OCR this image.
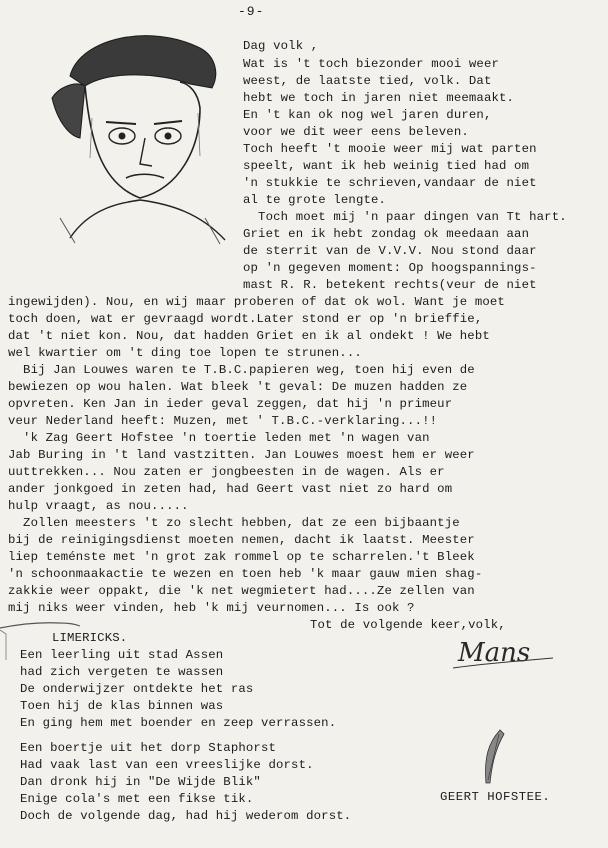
-9-
Dag volk ,
Wat is 't toch biezonder mooi weer
weest, de laatste tied, volk. Dat
hebt we toch in jaren niet meemaakt.
En 't kan ok nog wel jaren duren,
voor we dit weer eens beleven.
Toch heeft 't mooie weer mij wat parten
speelt, want ik heb weinig tied had om
'n stukkie te schrieven,vandaar de niet
al te grote lengte.
Toch moet mij 'n paar dingen van Tt hart.
Griet en ik hebt zondag ok meedaan aan
de sterrit van de V.V.V. Nou stond daar
op 'n gegeven moment: Op hoogspannings-
mast R. R. betekent rechts(veur de niet
ingewijden). Nou, en wij maar proberen of dat ok wol. Want je moet
toch doen, wat er gevraagd wordt.Later stond er op 'n brieffie,
dat 't niet kon. Nou, dat hadden Griet en ik al ondekt ! We hebt
wel kwartier om 't ding toe lopen te strunen...
Bij Jan Louwes waren te T.B.C.papieren weg, toen hij even de
bewiezen op wou halen. Wat bleek 't geval: De muzen hadden ze
opvreten. Ken Jan in ieder geval zeggen, dat hij 'n primeur
veur Nederland heeft: Muzen, met ' T.B.C.-verklaring...!!
'k Zag Geert Hofstee 'n toertie leden met 'n wagen van
Jab Buring in 't land vastzitten. Jan Louwes moest hem er weer
uuttrekken... Nou zaten er jongbeesten in de wagen. Als er
ander jonkgoed in zeten had, had Geert vast niet zo hard om
hulp vraagt, as nou.....
Zollen meesters 't zo slecht hebben, dat ze een bijbaantje
bij de reinigingsdienst moeten nemen, dacht ik laatst. Meester
liep teménste met 'n grot zak rommel op te scharrelen.'t Bleek
'n schoonmaakactie te wezen en toen heb 'k maar gauw mien shag-
zakkie weer oppakt, die 'k net wegmietert had....Ze zellen van
mij niks weer vinden, heb 'k mij veurnomen... Is ook ?
Tot de volgende keer,volk,
Mans
LIMERICKS.
Een leerling uit stad Assen
had zich vergeten te wassen
De onderwijzer ontdekte het ras
Toen hij de klas binnen was
En ging hem met boender en zeep verrassen.
Een boertje uit het dorp Staphorst
Had vaak last van een vreeslijke dorst.
Dan dronk hij in "De Wijde Blik"
Enige cola's met een fikse tik.
Doch de volgende dag, had hij wederom dorst.
GEERT HOFSTEE.
